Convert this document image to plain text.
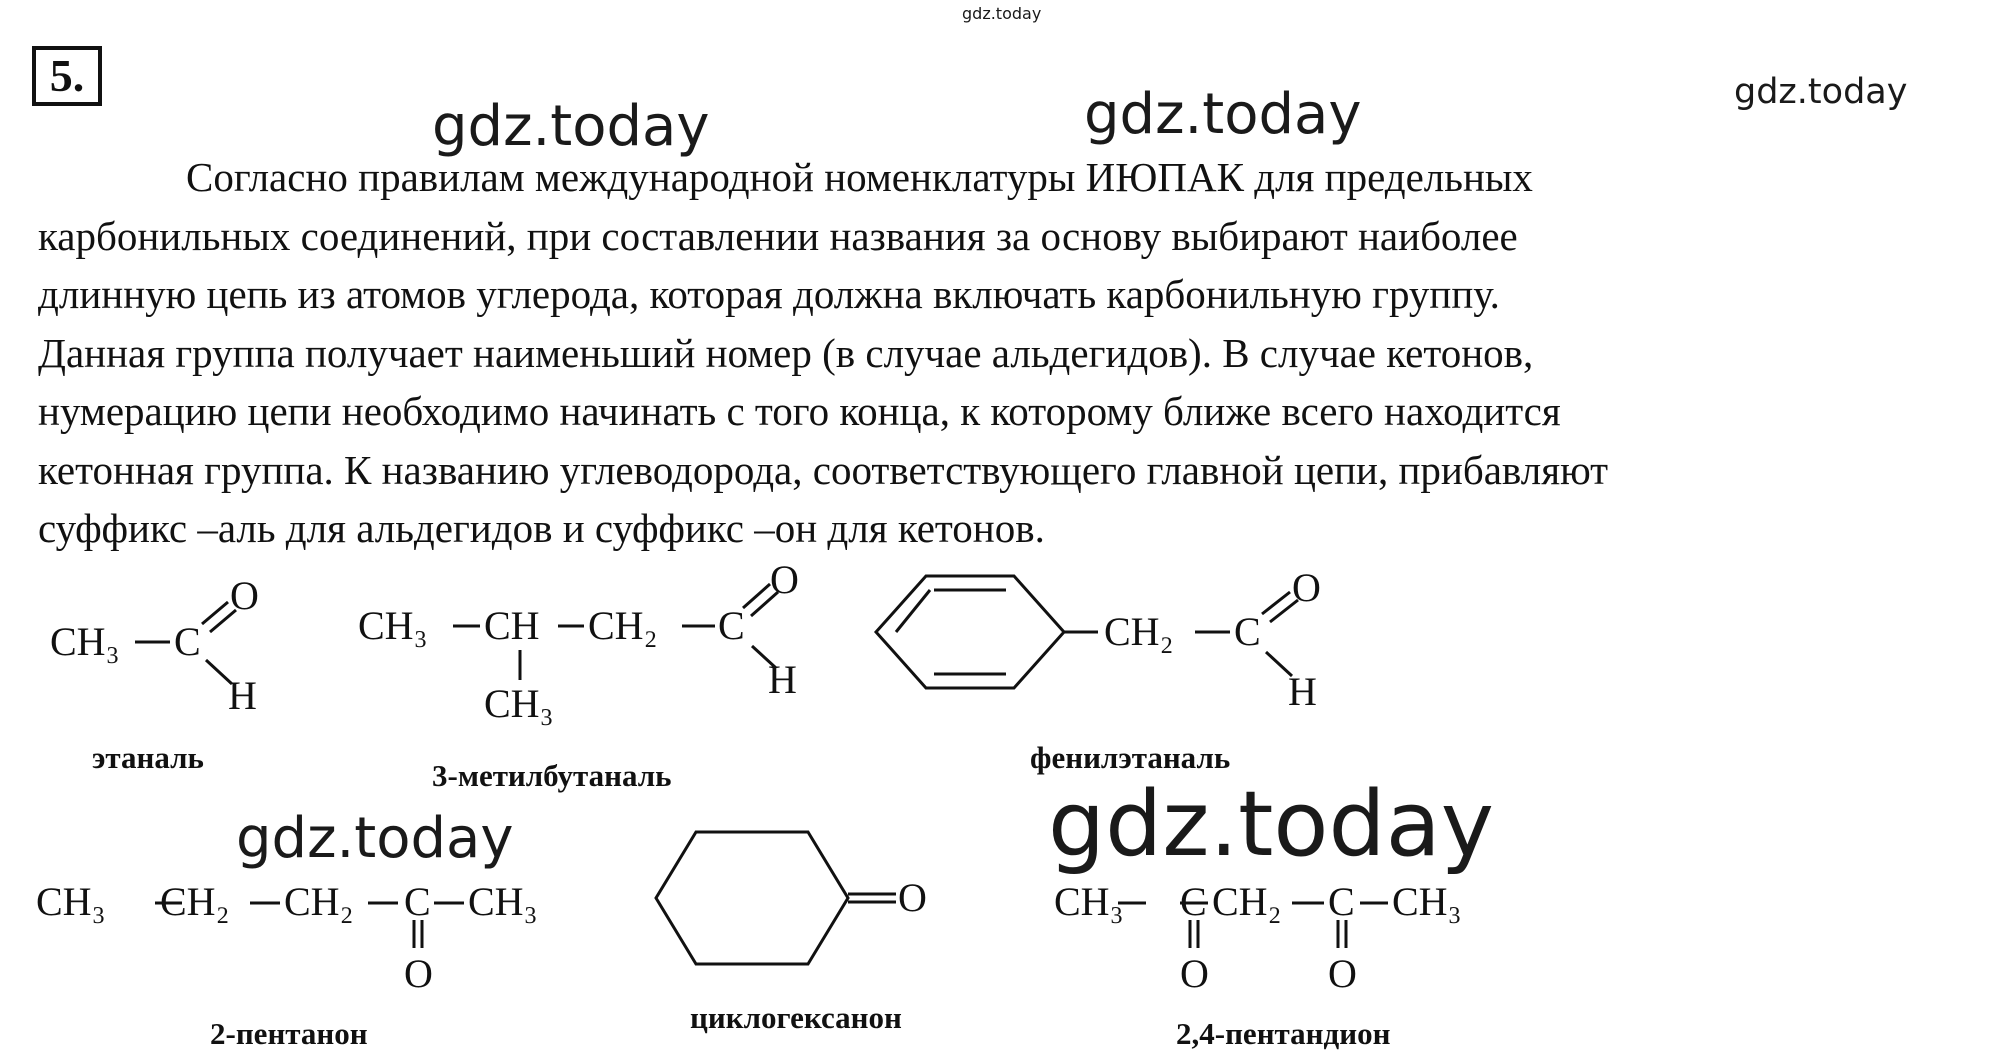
gdz.today
gdz.today	gdz.today	gdz.today
gdz.today	gdz.today
5.

Согласно правилам международной номенклатуры ИЮПАК для предельных

карбонильных соединений, при составлении названия за основу выбирают наиболее

длинную цепь из атомов углерода, которая должна включать карбонильную группу.

Данная группа получает наименьший номер (в случае альдегидов). В случае кетонов,

нумерацию цепи необходимо начинать с того конца, к которому ближе всего находится

кетонная группа. К названию углеводорода, соответствующего главной цепи, прибавляют

суффикс –аль для альдегидов и суффикс –он для кетонов.

CH₃ C
O
H
этаналь
CH₃ CH CH₂ C
O
H
CH₃
3-метилбутаналь
CH₂ C
O
H
фенилэтаналь
CH₃ CH₂ CH₂ C CH₃
O
2-пентанон
O
циклогексанон
CH₃ C CH₂ C CH₃
O	O
2,4-пентандион
